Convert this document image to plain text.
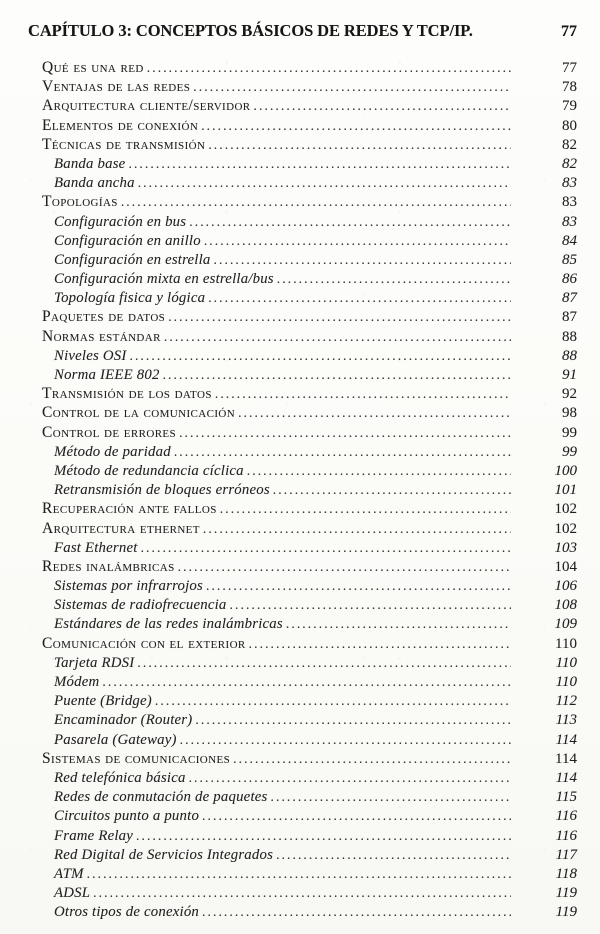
CAPÍTULO 3: CONCEPTOS BÁSICOS DE REDES Y TCP/IP.	77
Qué es una red .....	77
Ventajas de las redes .....	78
Arquitectura cliente/servidor .....	79
Elementos de conexión .....	80
Técnicas de transmisión .....	82
Banda base .....	82
Banda ancha .....	83
Topologías .....	83
Configuración en bus .....	83
Configuración en anillo .....	84
Configuración en estrella .....	85
Configuración mixta en estrella/bus .....	86
Topología fisica y lógica .....	87
Paquetes de datos .....	87
Normas estándar .....	88
Niveles OSI .....	88
Norma IEEE 802 .....	91
Transmisión de los datos .....	92
Control de la comunicación .....	98
Control de errores .....	99
Método de paridad .....	99
Método de redundancia cíclica .....	100
Retransmisión de bloques erróneos .....	101
Recuperación ante fallos .....	102
Arquitectura ethernet .....	102
Fast Ethernet .....	103
Redes inalámbricas .....	104
Sistemas por infrarrojos .....	106
Sistemas de radiofrecuencia .....	108
Estándares de las redes inalámbricas .....	109
Comunicación con el exterior .....	110
Tarjeta RDSI .....	110
Módem .....	110
Puente (Bridge) .....	112
Encaminador (Router) .....	113
Pasarela (Gateway) .....	114
Sistemas de comunicaciones .....	114
Red telefónica básica .....	114
Redes de conmutación de paquetes .....	115
Circuitos punto a punto .....	116
Frame Relay .....	116
Red Digital de Servicios Integrados .....	117
ATM .....	118
ADSL .....	119
Otros tipos de conexión .....	119
